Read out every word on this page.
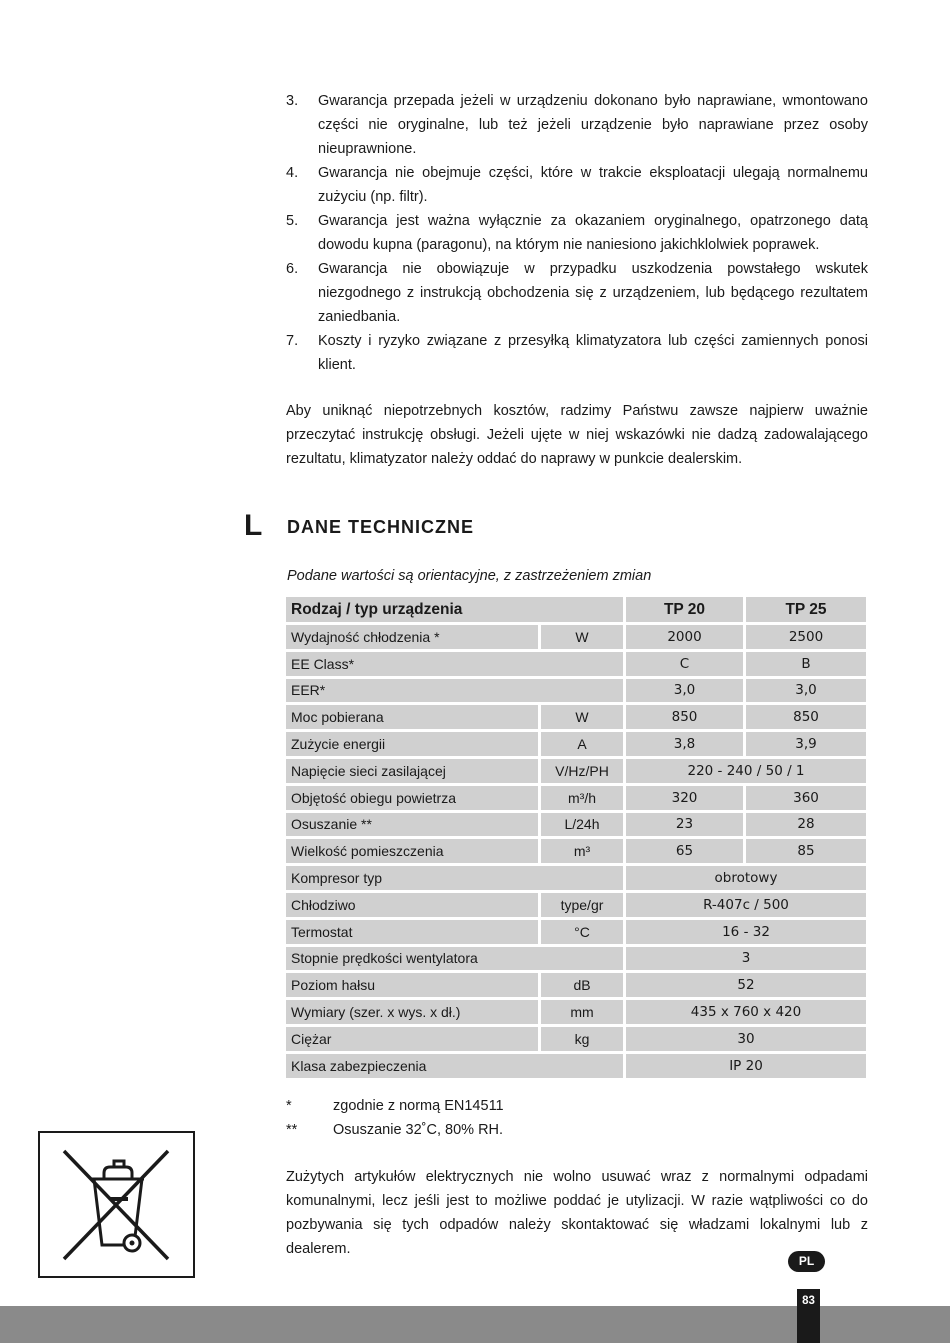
3. Gwarancja przepada jeżeli w urządzeniu dokonano było naprawiane, wmontowano części nie oryginalne, lub też jeżeli urządzenie było naprawiane przez osoby nieuprawnione.
4. Gwarancja nie obejmuje części, które w trakcie eksploatacji ulegają normalnemu zużyciu (np. filtr).
5. Gwarancja jest ważna wyłącznie za okazaniem oryginalnego, opatrzonego datą dowodu kupna (paragonu), na którym nie naniesiono jakichklolwiek poprawek.
6. Gwarancja nie obowiązuje w przypadku uszkodzenia powstałego wskutek niezgodnego z instrukcją obchodzenia się z urządzeniem, lub będącego rezultatem zaniedbania.
7. Koszty i ryzyko związane z przesyłką klimatyzatora lub części zamiennych ponosi klient.

Aby uniknąć niepotrzebnych kosztów, radzimy Państwu zawsze najpierw uważnie przeczytać instrukcję obsługi. Jeżeli ujęte w niej wskazówki nie dadzą zadowalającego rezultatu, klimatyzator należy oddać do naprawy w punkcie dealerskim.

L DANE TECHNICZNE

Podane wartości są orientacyjne, z zastrzeżeniem zmian

Rodzaj / typ urządzenia		TP 20	TP 25
Wydajność chłodzenia *	W	2000	2500
EE Class*		C	B
EER*		3,0	3,0
Moc pobierana	W	850	850
Zużycie energii	A	3,8	3,9
Napięcie sieci zasilającej	V/Hz/PH	220 - 240 / 50 / 1	
Objętość obiegu powietrza	m³/h	320	360
Osuszanie **	L/24h	23	28
Wielkość pomieszczenia	m³	65	85
Kompresor typ		obrotowy	
Chłodziwo	type/gr	R-407c / 500	
Termostat	°C	16 - 32	
Stopnie prędkości wentylatora		3	
Poziom hałsu	dB	52	
Wymiary (szer. x wys. x dł.)	mm	435 x 760 x 420	
Ciężar	kg	30	
Klasa zabezpieczenia		IP 20	
*	zgodnie z normą EN14511
**	Osuszanie 32˚C, 80% RH.

Zużytych artykułów elektrycznych nie wolno usuwać wraz z normalnymi odpadami komunalnymi, lecz jeśli jest to możliwe poddać je utylizacji. W razie wątpliwości co do pozbywania się tych odpadów należy skontaktować się władzami lokalnymi lub z dealerem.

PL
83
